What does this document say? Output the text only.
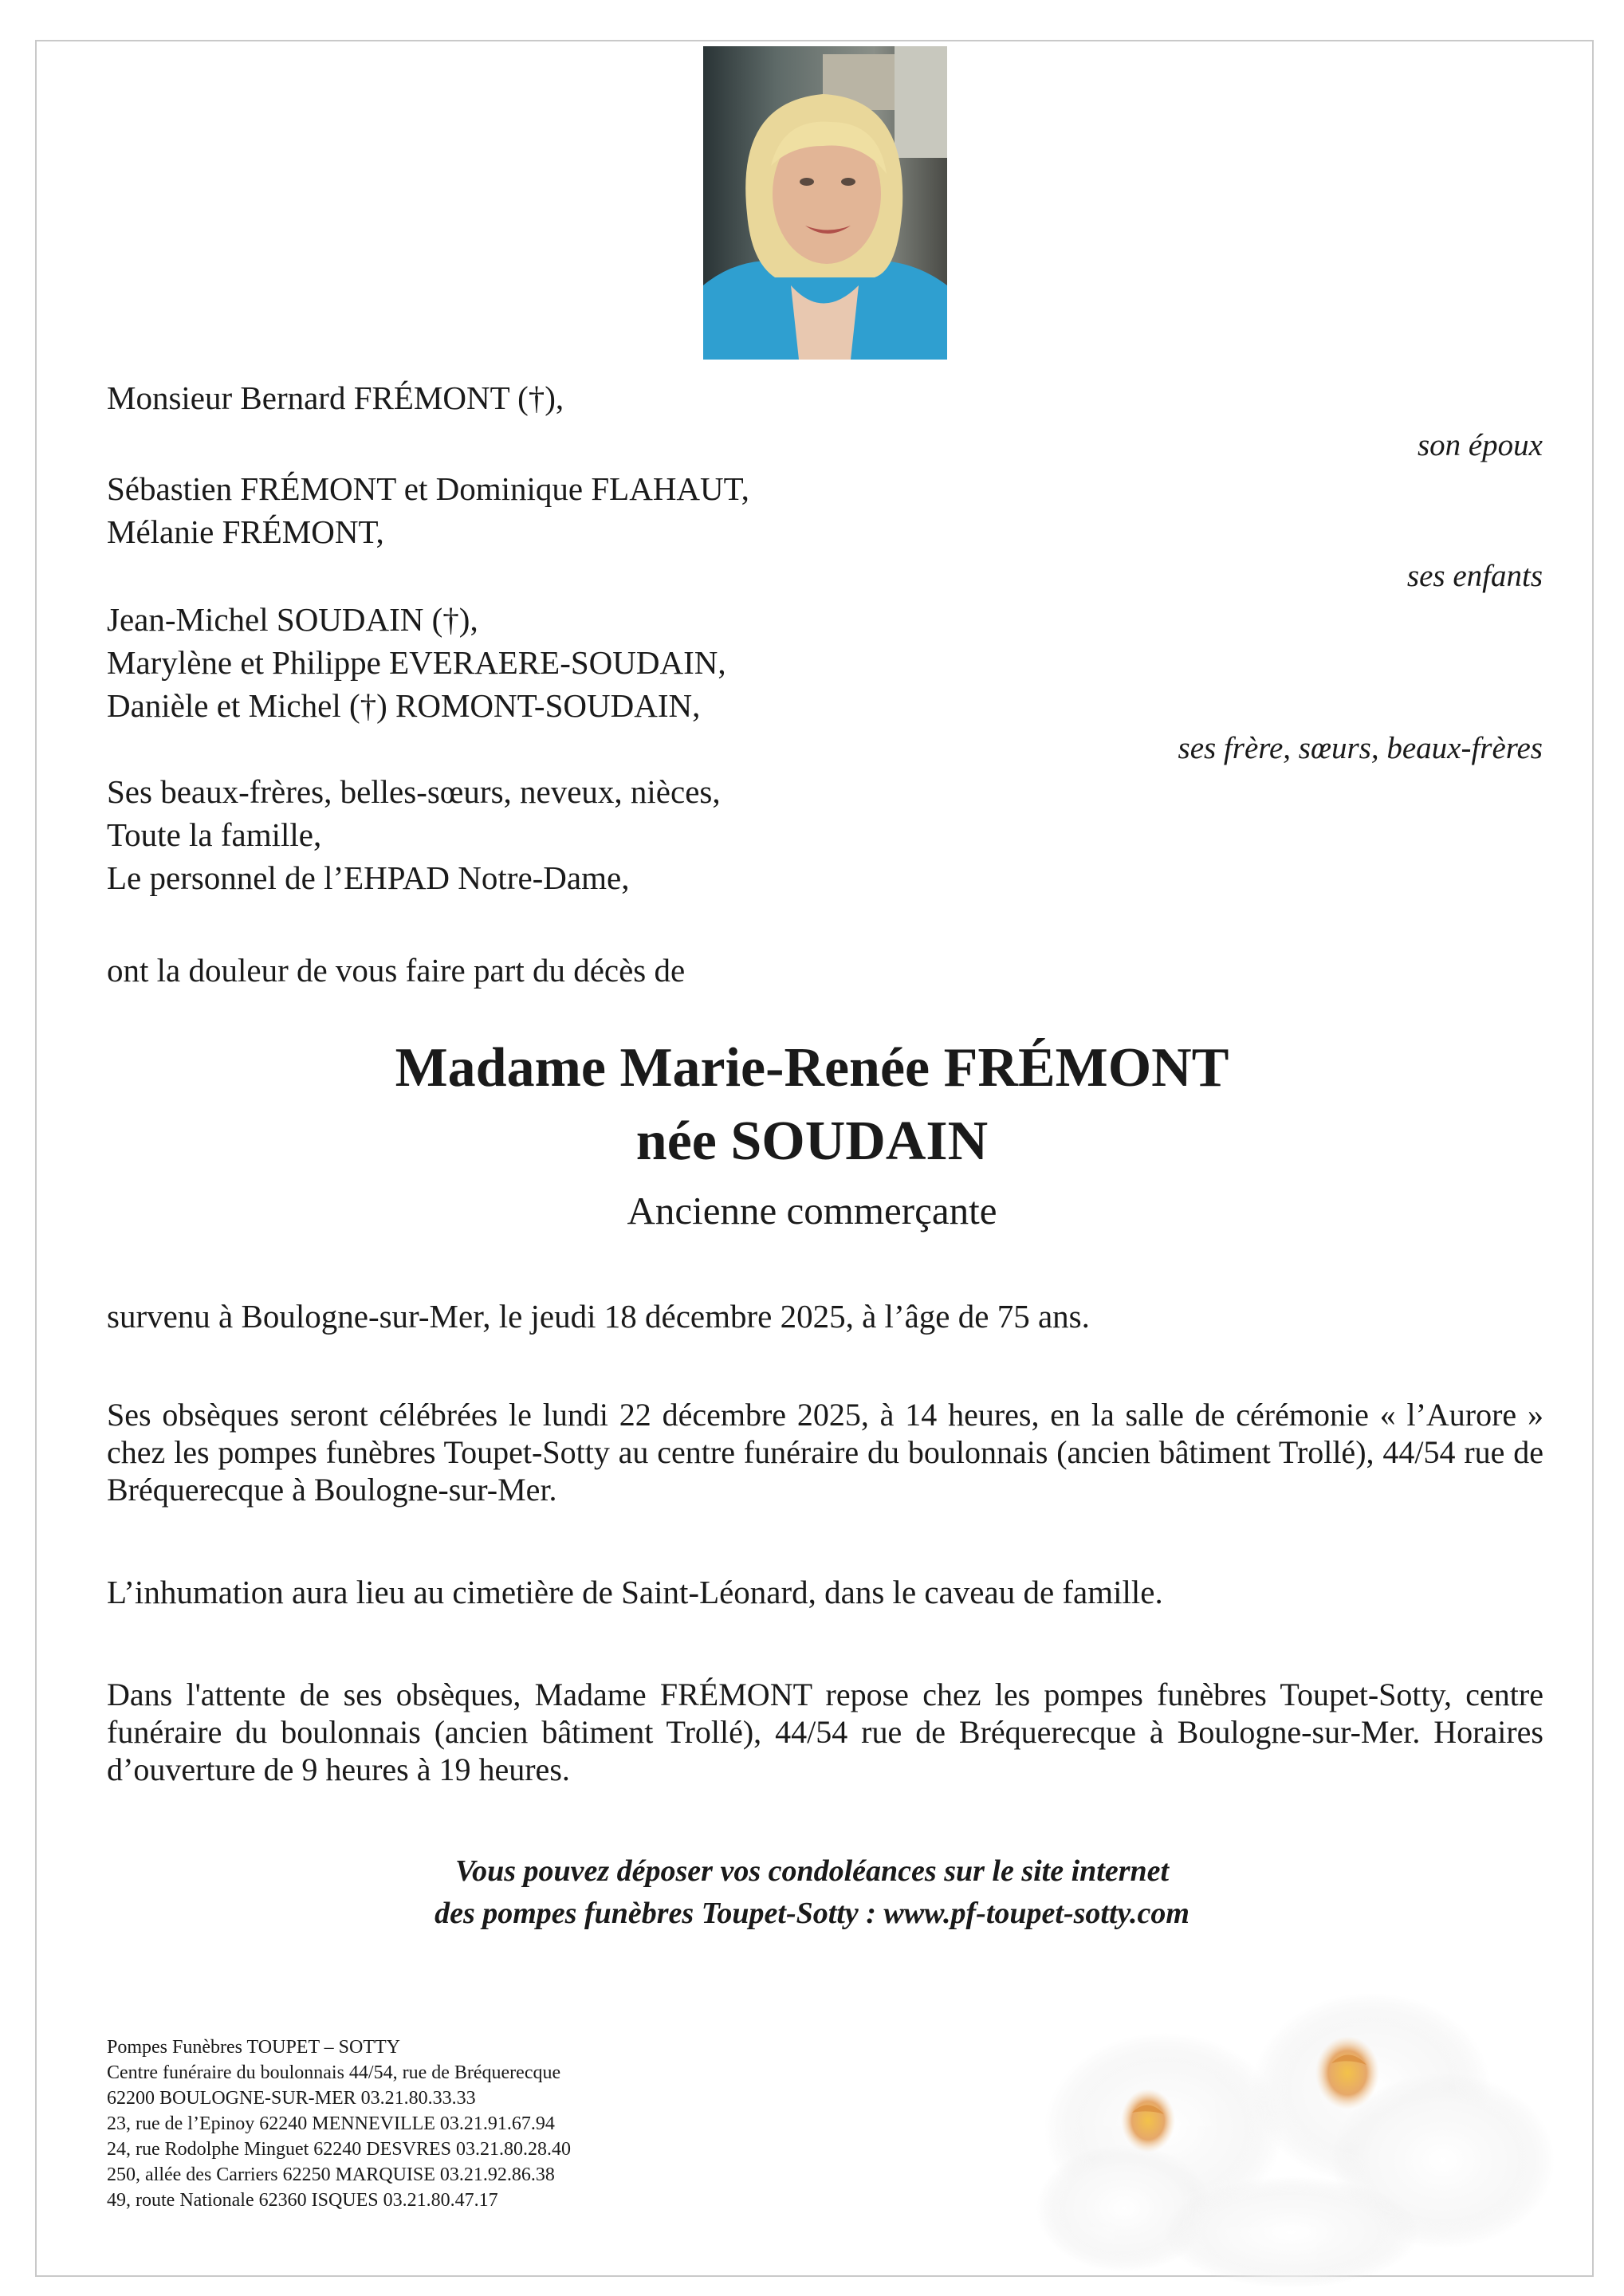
Monsieur Bernard FRÉMONT (†),
son époux
Sébastien FRÉMONT et Dominique FLAHAUT,
Mélanie FRÉMONT,
ses enfants
Jean-Michel SOUDAIN (†),
Marylène et Philippe EVERAERE-SOUDAIN,
Danièle et Michel (†) ROMONT-SOUDAIN,
ses frère, sœurs, beaux-frères
Ses beaux-frères, belles-sœurs, neveux, nièces,
Toute la famille,
Le personnel de l’EHPAD Notre-Dame,
ont la douleur de vous faire part du décès de
Madame Marie-Renée FRÉMONT
née SOUDAIN
Ancienne commerçante
survenu à Boulogne-sur-Mer, le jeudi 18 décembre 2025, à l’âge de 75 ans.
Ses obsèques seront célébrées le lundi 22 décembre 2025, à 14 heures, en la salle de cérémonie « l’Aurore » chez les pompes funèbres Toupet-Sotty au centre funéraire du boulonnais (ancien bâtiment Trollé), 44/54 rue de Bréquerecque à Boulogne-sur-Mer.
L’inhumation aura lieu au cimetière de Saint-Léonard, dans le caveau de famille.
Dans l'attente de ses obsèques, Madame FRÉMONT repose chez les pompes funèbres Toupet-Sotty, centre funéraire du boulonnais (ancien bâtiment Trollé), 44/54 rue de Bréquerecque à Boulogne-sur-Mer. Horaires d’ouverture de 9 heures à 19 heures.
Vous pouvez déposer vos condoléances sur le site internet
des pompes funèbres Toupet-Sotty : www.pf-toupet-sotty.com
Pompes Funèbres TOUPET – SOTTY
Centre funéraire du boulonnais 44/54, rue de Bréquerecque
62200 BOULOGNE-SUR-MER 03.21.80.33.33
23, rue de l’Epinoy 62240 MENNEVILLE 03.21.91.67.94
24, rue Rodolphe Minguet 62240 DESVRES 03.21.80.28.40
250, allée des Carriers 62250 MARQUISE 03.21.92.86.38
49, route Nationale 62360 ISQUES 03.21.80.47.17
